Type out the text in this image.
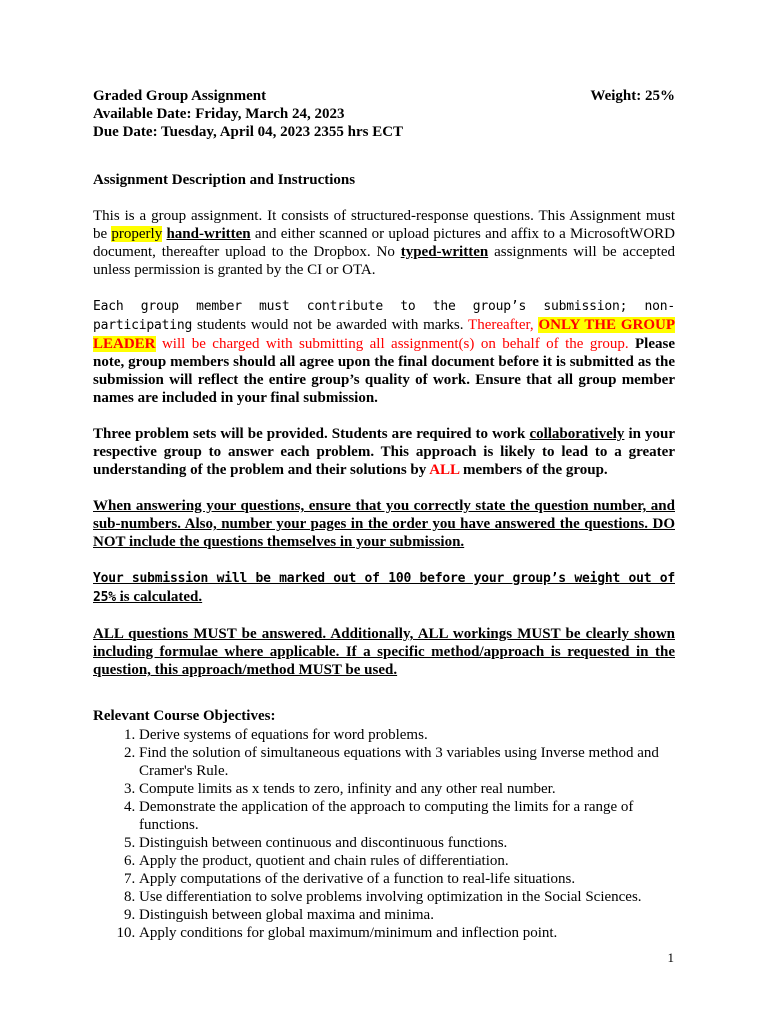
Graded Group Assignment	Weight: 25%
Available Date: Friday, March 24, 2023
Due Date: Tuesday, April 04, 2023 2355 hrs ECT
Assignment Description and Instructions

This is a group assignment. It consists of structured-response questions. This Assignment must be properly hand-written and either scanned or upload pictures and affix to a MicrosoftWORD document, thereafter upload to the Dropbox. No typed-written assignments will be accepted unless permission is granted by the CI or OTA.

Each group member must contribute to the group’s submission; non-participating students would not be awarded with marks. Thereafter, ONLY THE GROUP LEADER will be charged with submitting all assignment(s) on behalf of the group. Please note, group members should all agree upon the final document before it is submitted as the submission will reflect the entire group’s quality of work. Ensure that all group member names are included in your final submission.

Three problem sets will be provided. Students are required to work collaboratively in your respective group to answer each problem. This approach is likely to lead to a greater understanding of the problem and their solutions by ALL members of the group.

When answering your questions, ensure that you correctly state the question number, and sub-numbers. Also, number your pages in the order you have answered the questions. DO NOT include the questions themselves in your submission.

Your submission will be marked out of 100 before your group’s weight out of 25% is calculated.

ALL questions MUST be answered. Additionally, ALL workings MUST be clearly shown including formulae where applicable. If a specific method/approach is requested in the question, this approach/method MUST be used.

Relevant Course Objectives:
1. Derive systems of equations for word problems.
2. Find the solution of simultaneous equations with 3 variables using Inverse method and Cramer's Rule.
3. Compute limits as x tends to zero, infinity and any other real number.
4. Demonstrate the application of the approach to computing the limits for a range of functions.
5. Distinguish between continuous and discontinuous functions.
6. Apply the product, quotient and chain rules of differentiation.
7. Apply computations of the derivative of a function to real-life situations.
8. Use differentiation to solve problems involving optimization in the Social Sciences.
9. Distinguish between global maxima and minima.
10. Apply conditions for global maximum/minimum and inflection point.
1
